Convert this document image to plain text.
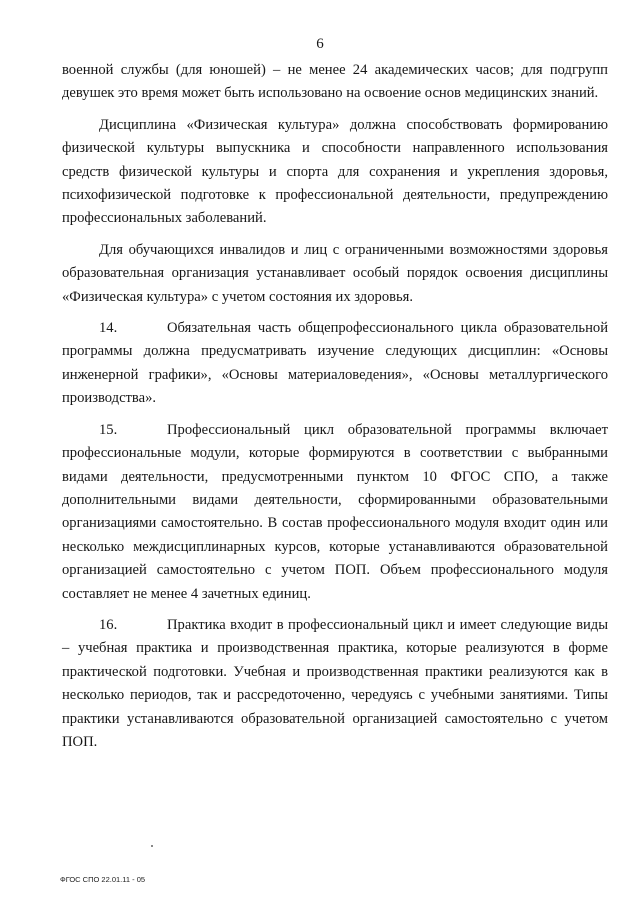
6

военной службы (для юношей) – не менее 24 академических часов; для подгрупп девушек это время может быть использовано на освоение основ медицинских знаний.

Дисциплина «Физическая культура» должна способствовать формированию физической культуры выпускника и способности направленного использования средств физической культуры и спорта для сохранения и укрепления здоровья, психофизической подготовке к профессиональной деятельности, предупреждению профессиональных заболеваний.

Для обучающихся инвалидов и лиц с ограниченными возможностями здоровья образовательная организация устанавливает особый порядок освоения дисциплины «Физическая культура» с учетом состояния их здоровья.

14.	Обязательная часть общепрофессионального цикла образовательной программы должна предусматривать изучение следующих дисциплин: «Основы инженерной графики», «Основы материаловедения», «Основы металлургического производства».

15.	Профессиональный цикл образовательной программы включает профессиональные модули, которые формируются в соответствии с выбранными видами деятельности, предусмотренными пунктом 10 ФГОС СПО, а также дополнительными видами деятельности, сформированными образовательными организациями самостоятельно. В состав профессионального модуля входит один или несколько междисциплинарных курсов, которые устанавливаются образовательной организацией самостоятельно с учетом ПОП. Объем профессионального модуля составляет не менее 4 зачетных единиц.

16.	Практика входит в профессиональный цикл и имеет следующие виды – учебная практика и производственная практика, которые реализуются в форме практической подготовки. Учебная и производственная практики реализуются как в несколько периодов, так и рассредоточенно, чередуясь с учебными занятиями. Типы практики устанавливаются образовательной организацией самостоятельно с учетом ПОП.

ФГОС СПО 22.01.11 - 05
